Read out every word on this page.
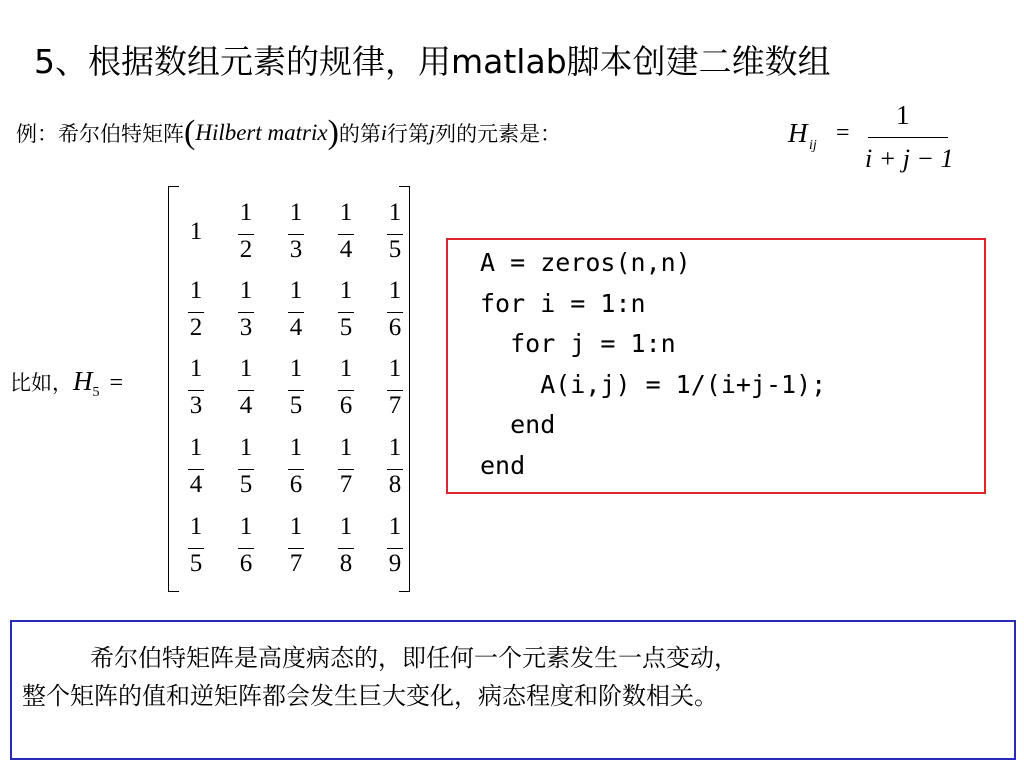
5、根据数组元素的规律，用matlab脚本创建二维数组
例：希尔伯特矩阵 ( Hilbert matrix ) 的第 i 行第 j 列的元素是：	H ij =
1
i + j − 1
比如， H 5 =
1
1
2
1
3
1
4
1
5
1
2
1
3
1
4
1
5
1
6
1
3
1
4
1
5
1
6
1
7
1
4
1
5
1
6
1
7
1
8
1
5
1
6
1
7
1
8
1
9
A = zeros(n,n)
for i = 1:n
for j = 1:n
A(i,j) = 1/(i+j-1);
end
end
希尔伯特矩阵是高度病态的，即任何一个元素发生一点变动，
整个矩阵的值和逆矩阵都会发生巨大变化，病态程度和阶数相关。
